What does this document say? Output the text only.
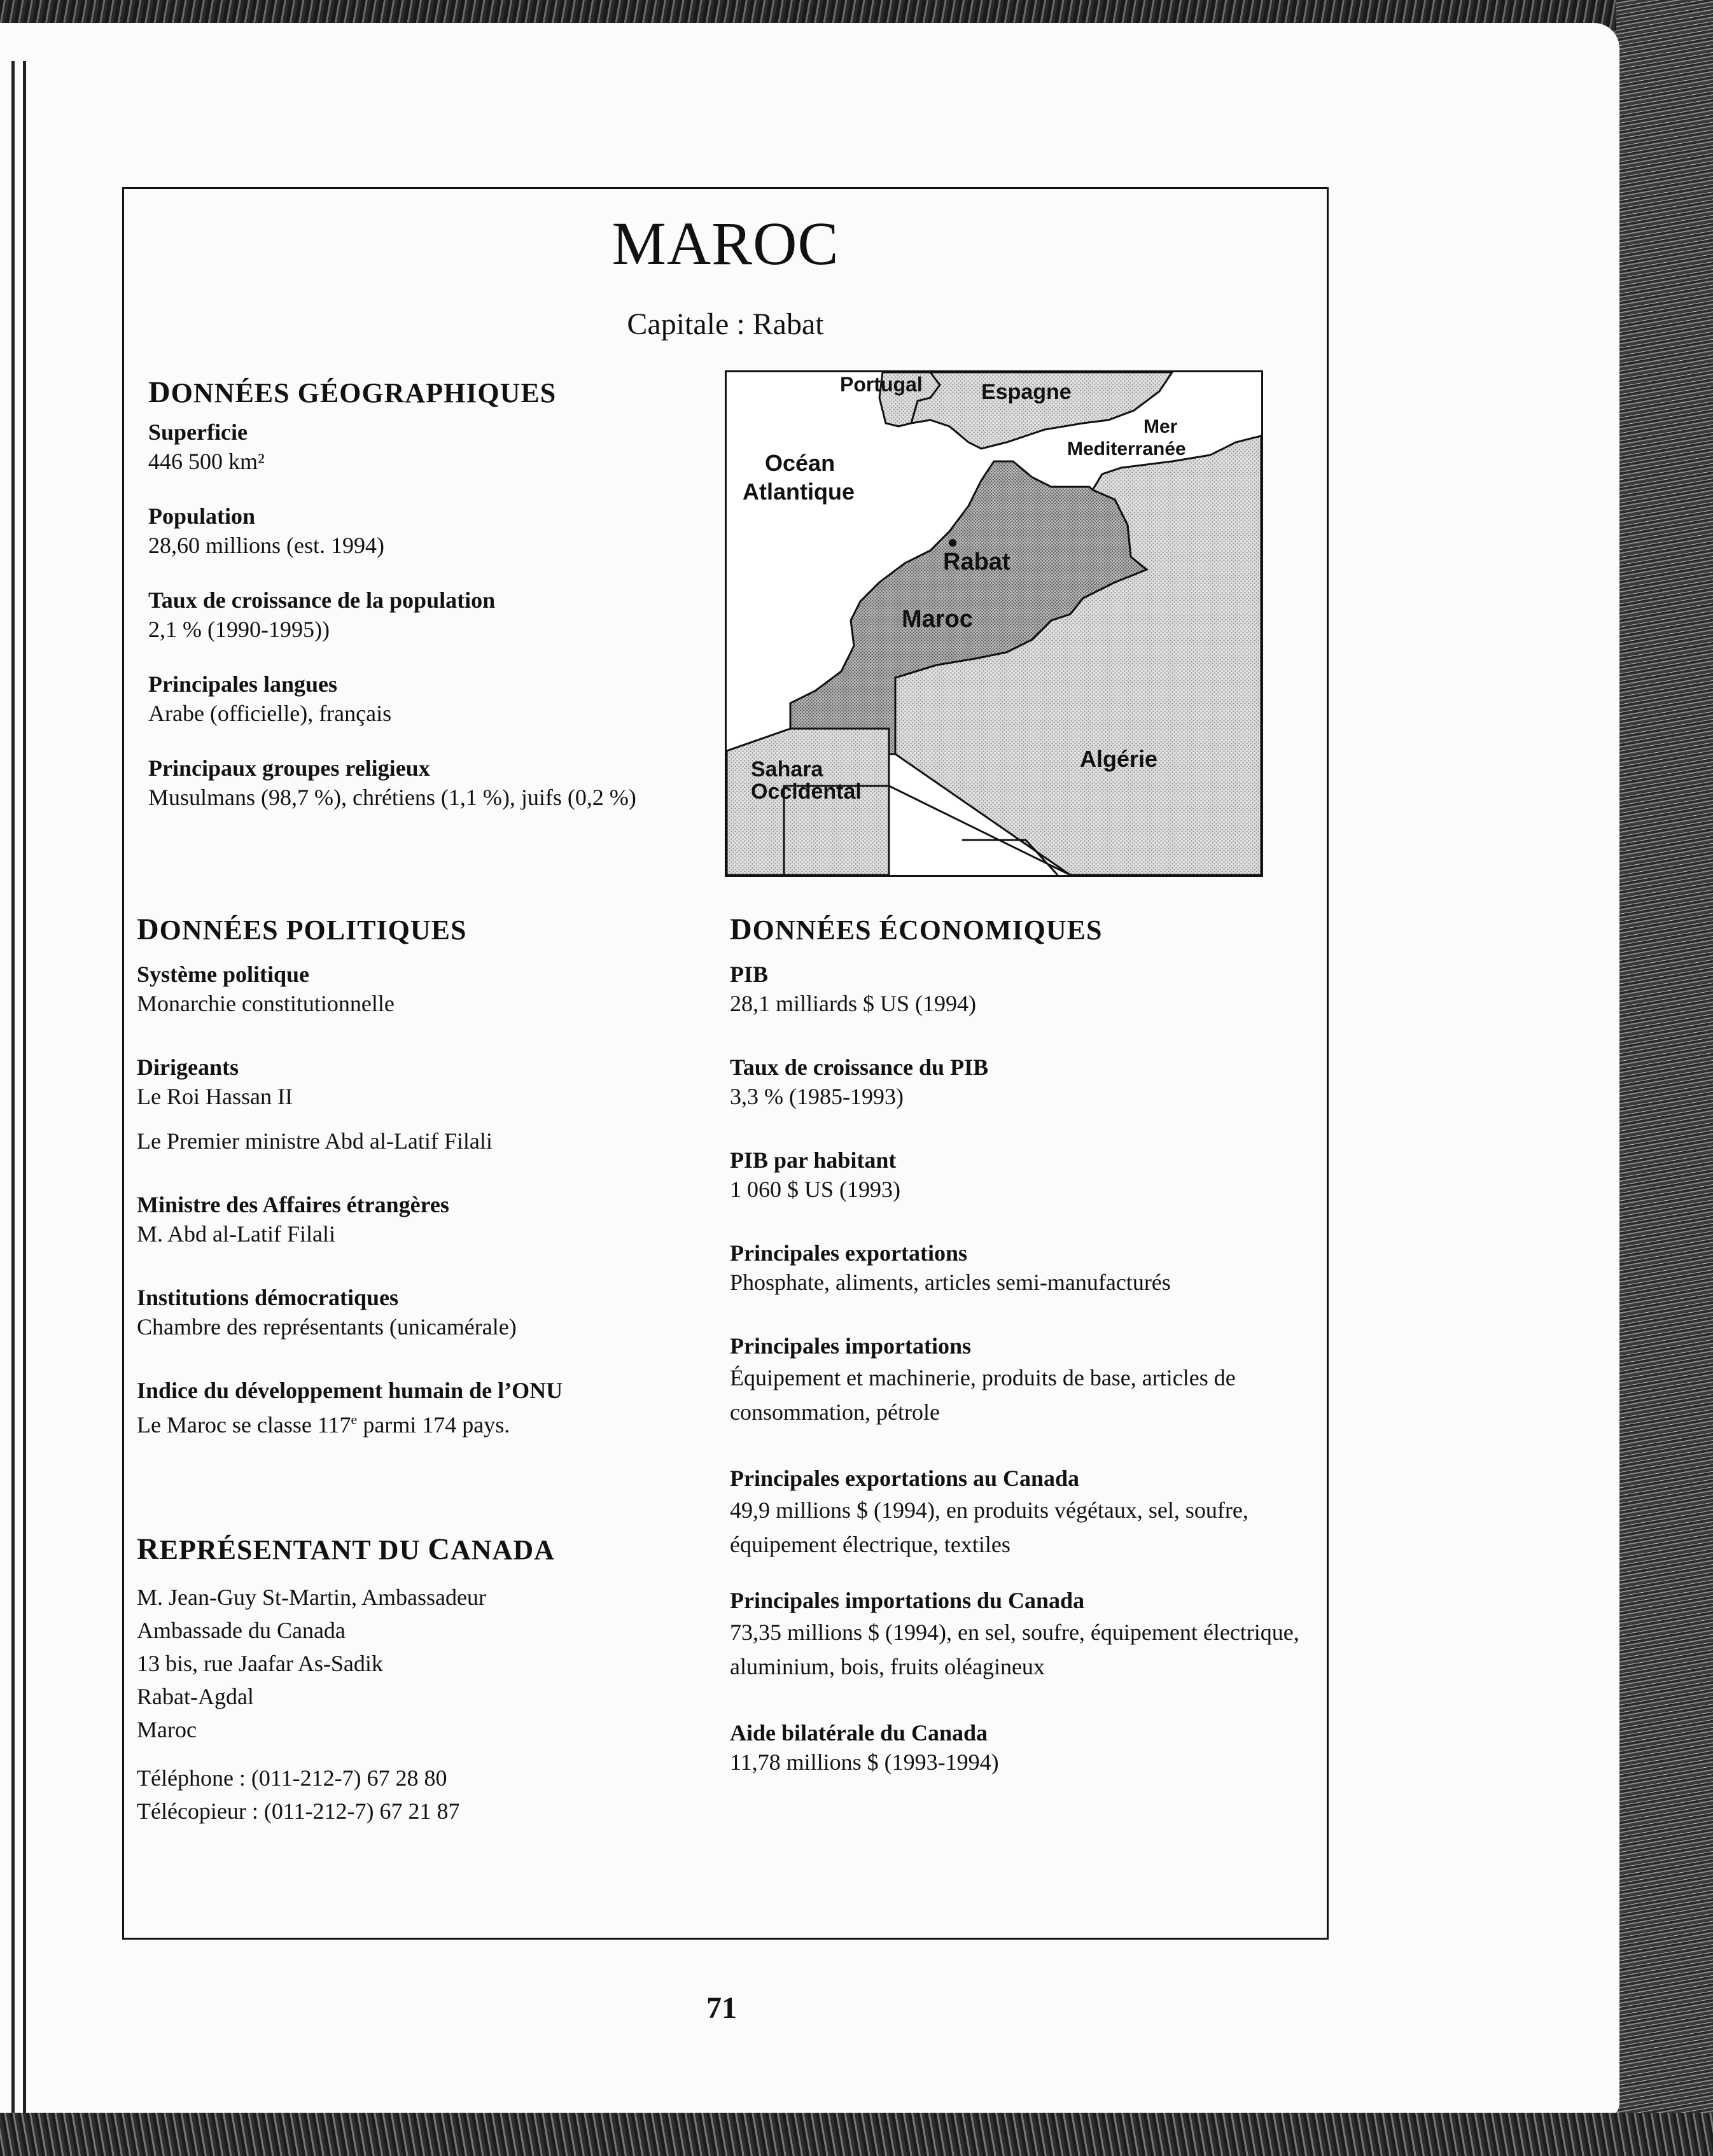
MAROC
Capitale : Rabat
DONNÉES GÉOGRAPHIQUES
Superficie
446 500 km²
Population
28,60 millions (est. 1994)
Taux de croissance de la population
2,1 % (1990-1995))
Principales langues
Arabe (officielle), français
Principaux groupes religieux
Musulmans (98,7 %), chrétiens (1,1 %), juifs (0,2 %)
Portugal	Espagne
Mer
Mediterranée
Océan
Atlantique
Rabat
Maroc
Algérie
Sahara
Occidental
DONNÉES POLITIQUES
Système politique
Monarchie constitutionnelle
Dirigeants
Le Roi Hassan II
Le Premier ministre Abd al-Latif Filali
Ministre des Affaires étrangères
M. Abd al-Latif Filali
Institutions démocratiques
Chambre des représentants (unicamérale)
Indice du développement humain de l’ONU
Le Maroc se classe 117e parmi 174 pays.
REPRÉSENTANT DU CANADA
M. Jean-Guy St-Martin, Ambassadeur
Ambassade du Canada
13 bis, rue Jaafar As-Sadik
Rabat-Agdal
Maroc
Téléphone : (011-212-7) 67 28 80
Télécopieur : (011-212-7) 67 21 87
DONNÉES ÉCONOMIQUES
PIB
28,1 milliards $ US (1994)
Taux de croissance du PIB
3,3 % (1985-1993)
PIB par habitant
1 060 $ US (1993)
Principales exportations
Phosphate, aliments, articles semi-manufacturés
Principales importations
Équipement et machinerie, produits de base, articles de consommation, pétrole
Principales exportations au Canada
49,9 millions $ (1994), en produits végétaux, sel, soufre, équipement électrique, textiles
Principales importations du Canada
73,35 millions $ (1994), en sel, soufre, équipement électrique, aluminium, bois, fruits oléagineux
Aide bilatérale du Canada
11,78 millions $ (1993-1994)
71
